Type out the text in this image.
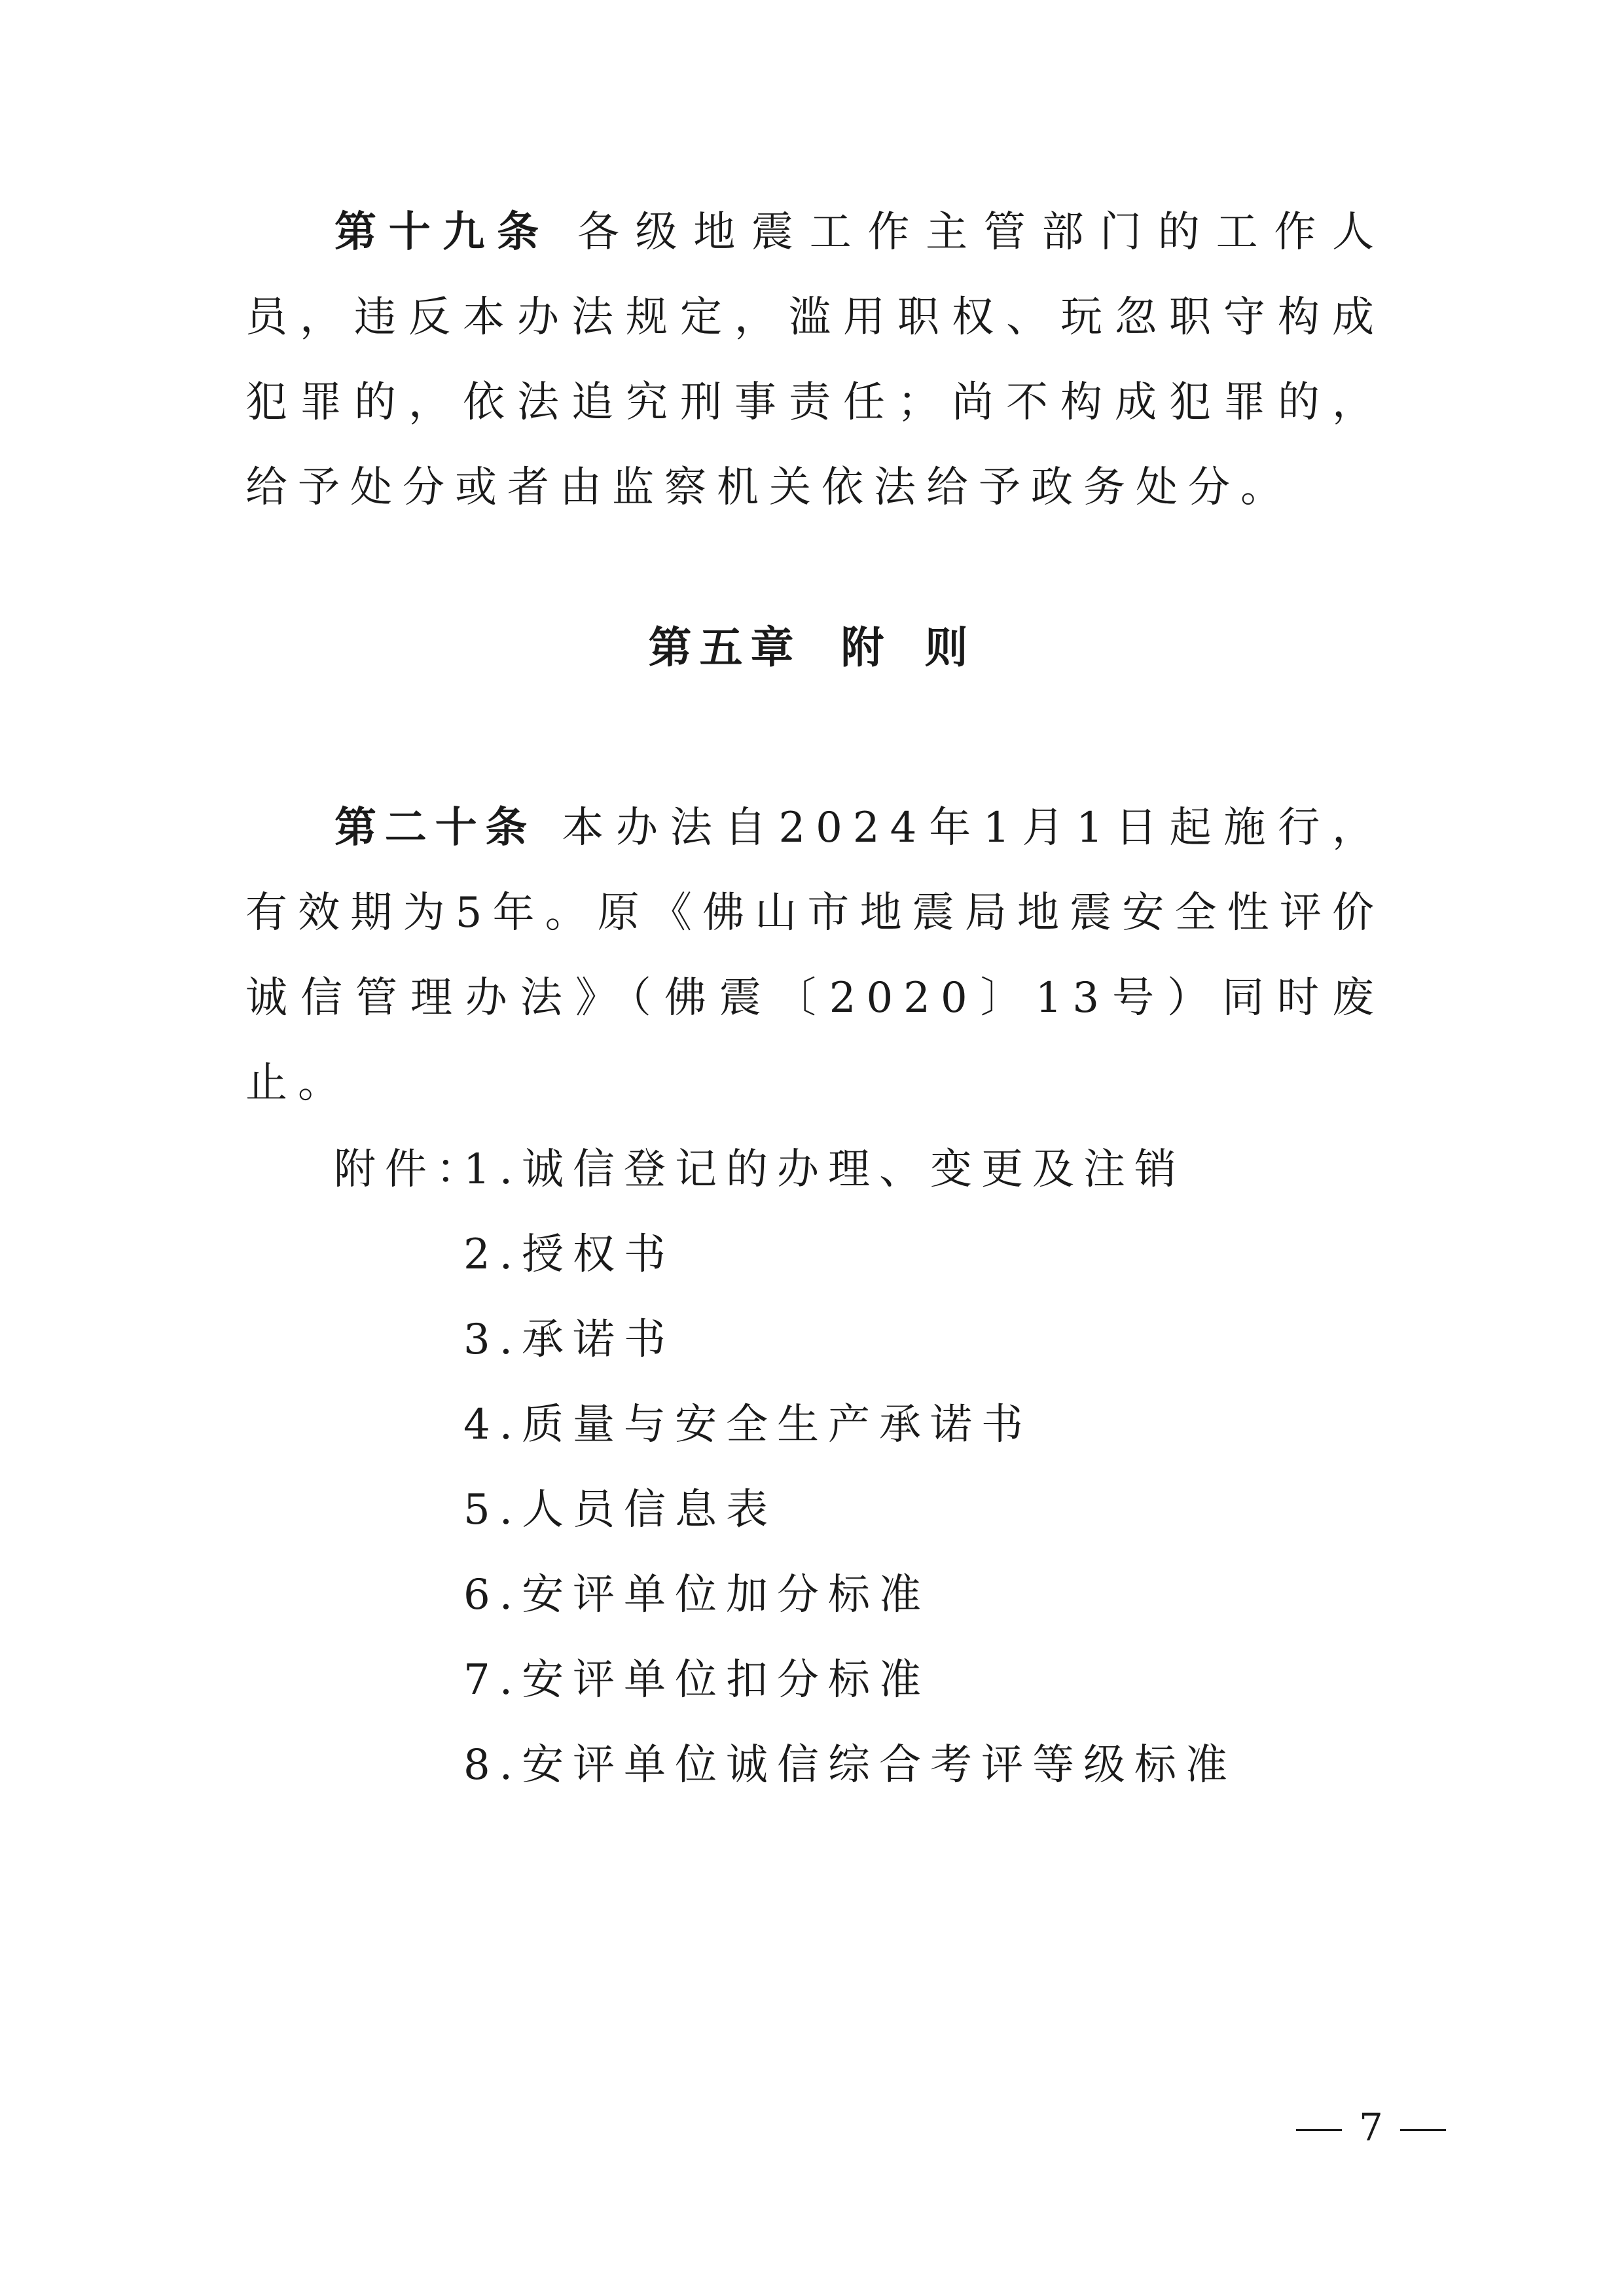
第十九条 各级地震工作主管部门的工作人员，违反本办法规定，滥用职权、玩忽职守构成犯罪的，依法追究刑事责任；尚不构成犯罪的，给予处分或者由监察机关依法给予政务处分。

第五章 附 则

第二十条 本办法自2024年1月1日起施行，有效期为5年。原《佛山市地震局地震安全性评价诚信管理办法》（佛震〔2020〕13号）同时废止。

附件：
1.诚信登记的办理、变更及注销
2.授权书
3.承诺书
4.质量与安全生产承诺书
5.人员信息表
6.安评单位加分标准
7.安评单位扣分标准
8.安评单位诚信综合考评等级标准
7
